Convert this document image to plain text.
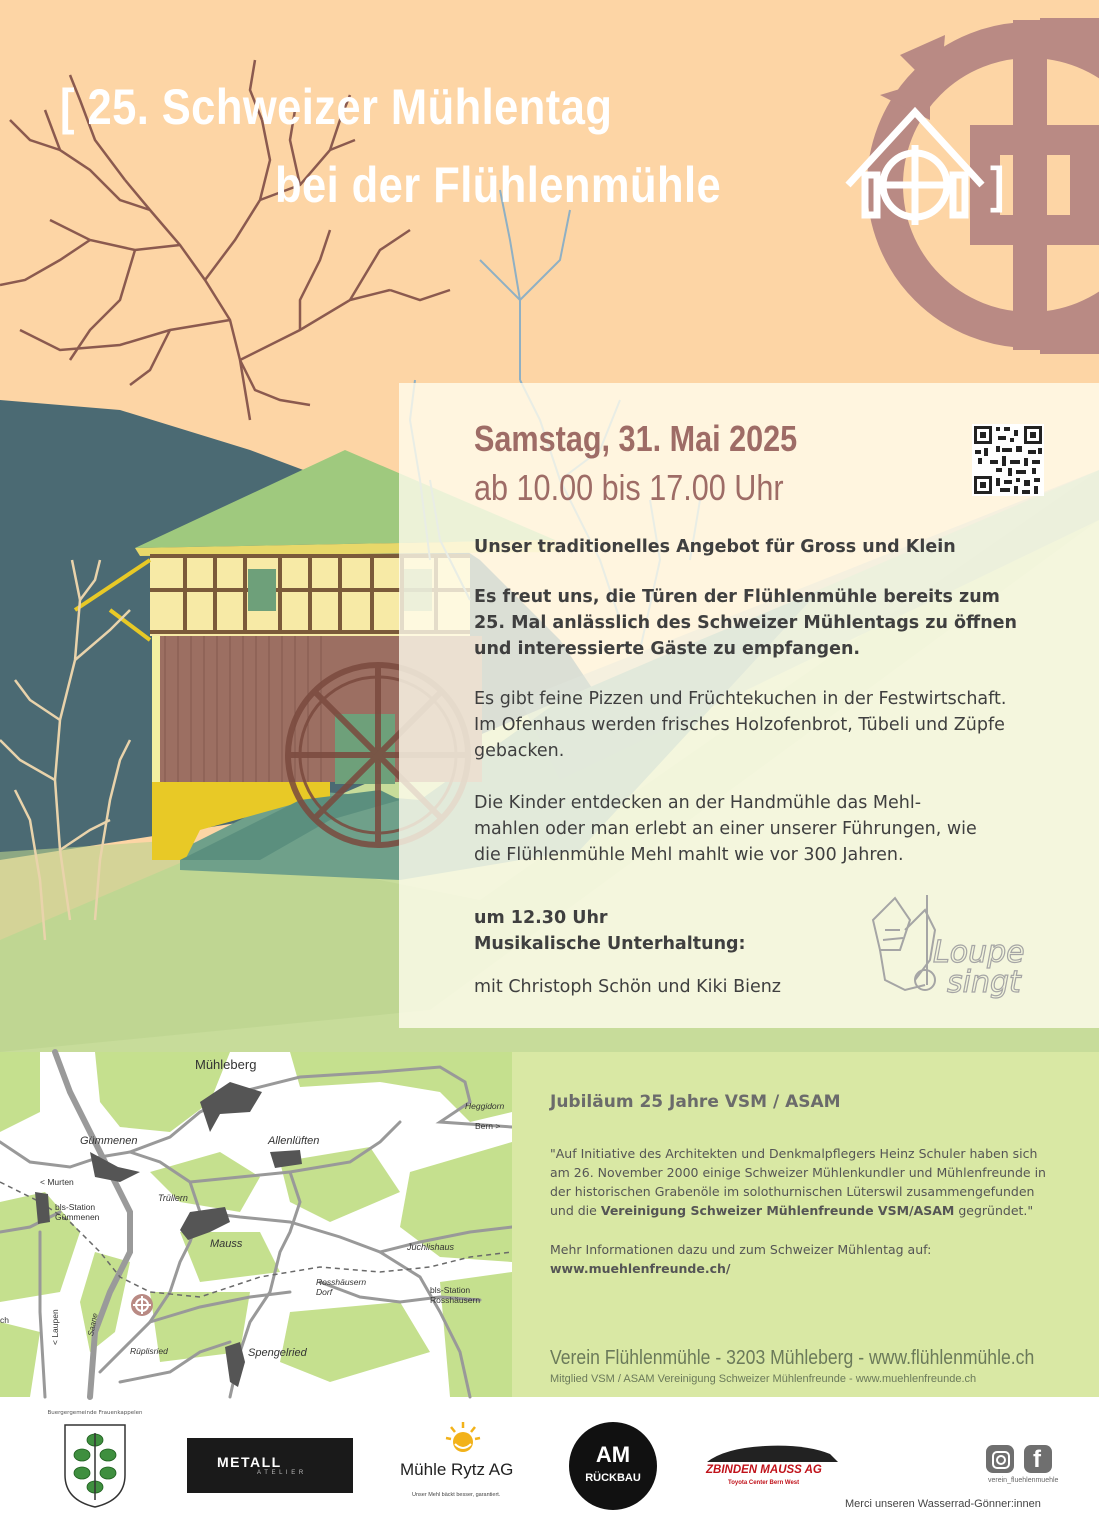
[ 25. Schweizer Mühlentag
bei der Flühlenmühle	]
Samstag, 31. Mai 2025
ab 10.00 bis 17.00 Uhr
Unser traditionelles Angebot für Gross und Klein
Es freut uns, die Türen der Flühlenmühle bereits zum
25. Mal anlässlich des Schweizer Mühlentags zu öffnen
und interessierte Gäste zu empfangen.
Es gibt feine Pizzen und Früchtekuchen in der Festwirtschaft.
Im Ofenhaus werden frisches Holzofenbrot, Tübeli und Züpfe
gebacken.
Die Kinder entdecken an der Handmühle das Mehl-
mahlen oder man erlebt an einer unserer Führungen, wie
die Flühlenmühle Mehl mahlt wie vor 300 Jahren.
um 12.30 Uhr
Musikalische Unterhaltung:
mit Christoph Schön und Kiki Bienz
Loupe
singt
Mühleberg
Gümmenen	Allenlüften
Trüllern
Mauss	Juchlishaus
Rosshäusern
Dorf	bls-Station
Rosshäusern
bls-Station
Gümmenen
< Murten
Heggidorn
Bern >
Rüplisried	Spengelried
< Laupen	Saane
ch
Jubiläum 25 Jahre VSM / ASAM
"Auf Initiative des Architekten und Denkmalpflegers Heinz Schuler haben sich
am 26. November 2000 einige Schweizer Mühlenkundler und Mühlenfreunde in
der historischen Grabenöle im solothurnischen Lüterswil zusammengefunden
und die Vereinigung Schweizer Mühlenfreunde VSM/ASAM gegründet."
Mehr Informationen dazu und zum Schweizer Mühlentag auf:
www.muehlenfreunde.ch/
Verein Flühlenmühle - 3203 Mühleberg - www.flühlenmühle.ch
Mitglied VSM / ASAM Vereinigung Schweizer Mühlenfreunde - www.muehlenfreunde.ch
Buergergemeinde Frauenkappelen
METALL
A T E L I E R	Mühle Rytz AG
Unser Mehl bäckt besser, garantiert.
AM
RÜCKBAU
ZBINDEN MAUSS AG
Toyota Center Bern West
f
verein_fluehlenmuehle
Merci unseren Wasserrad-Gönner:innen
